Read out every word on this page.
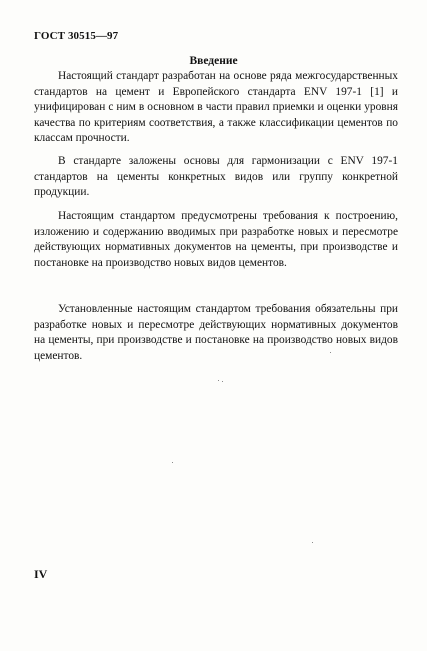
ГОСТ 30515—97
Введение

Настоящий стандарт разработан на основе ряда межгосударственных стандартов на цемент и Европейского стандарта ENV 197-1 [1] и унифицирован с ним в основном в части правил приемки и оценки уровня качества по критериям соответствия, а также классификации цементов по классам прочности.

В стандарте заложены основы для гармонизации с ENV 197-1 стандартов на цементы конкретных видов или группу конкретной продукции.

Настоящим стандартом предусмотрены требования к построению, изложению и содержанию вводимых при разработке новых и пересмотре действующих нормативных документов на цементы, при производстве и постановке на производство новых видов цементов.

Установленные настоящим стандартом требования обязательны при разработке новых и пересмотре действующих нормативных документов на цементы, при производстве и постановке на производство новых видов цементов.

IV
